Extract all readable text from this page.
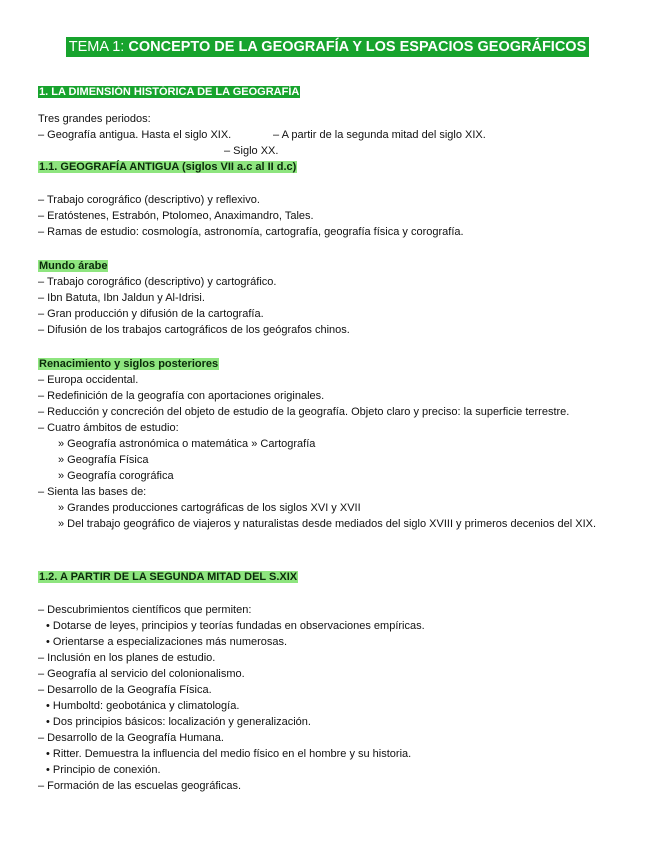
TEMA 1: CONCEPTO DE LA GEOGRAFÍA Y LOS ESPACIOS GEOGRÁFICOS
1. LA DIMENSIÓN HISTÓRICA DE LA GEOGRAFÍA
Tres grandes periodos:
– Geografía antigua. Hasta el siglo XIX.	– A partir de la segunda mitad del siglo XIX.
– Siglo XX.
1.1. GEOGRAFÍA ANTIGUA (siglos VII a.c al II d.c)
– Trabajo corográfico (descriptivo) y reflexivo.
– Eratóstenes, Estrabón, Ptolomeo, Anaximandro, Tales.
– Ramas de estudio: cosmología, astronomía, cartografía, geografía física y corografía.
Mundo árabe
– Trabajo corográfico (descriptivo) y cartográfico.
– Ibn Batuta, Ibn Jaldun y Al-Idrisi.
– Gran producción y difusión de la cartografía.
– Difusión de los trabajos cartográficos de los geógrafos chinos.
Renacimiento y siglos posteriores
– Europa occidental.
– Redefinición de la geografía con aportaciones originales.
– Reducción y concreción del objeto de estudio de la geografía. Objeto claro y preciso: la superficie terrestre.
– Cuatro ámbitos de estudio:
» Geografía astronómica o matemática » Cartografía
» Geografía Física
» Geografía corográfica
– Sienta las bases de:
» Grandes producciones cartográficas de los siglos XVI y XVII
» Del trabajo geográfico de viajeros y naturalistas desde mediados del siglo XVIII y primeros decenios del XIX.
1.2. A PARTIR DE LA SEGUNDA MITAD DEL S.XIX
– Descubrimientos científicos que permiten:
• Dotarse de leyes, principios y teorías fundadas en observaciones empíricas.
• Orientarse a especializaciones más numerosas.
– Inclusión en los planes de estudio.
– Geografía al servicio del colonionalismo.
– Desarrollo de la Geografía Física.
• Humboltd: geobotánica y climatología.
• Dos principios básicos: localización y generalización.
– Desarrollo de la Geografía Humana.
• Ritter. Demuestra la influencia del medio físico en el hombre y su historia.
• Principio de conexión.
– Formación de las escuelas geográficas.
